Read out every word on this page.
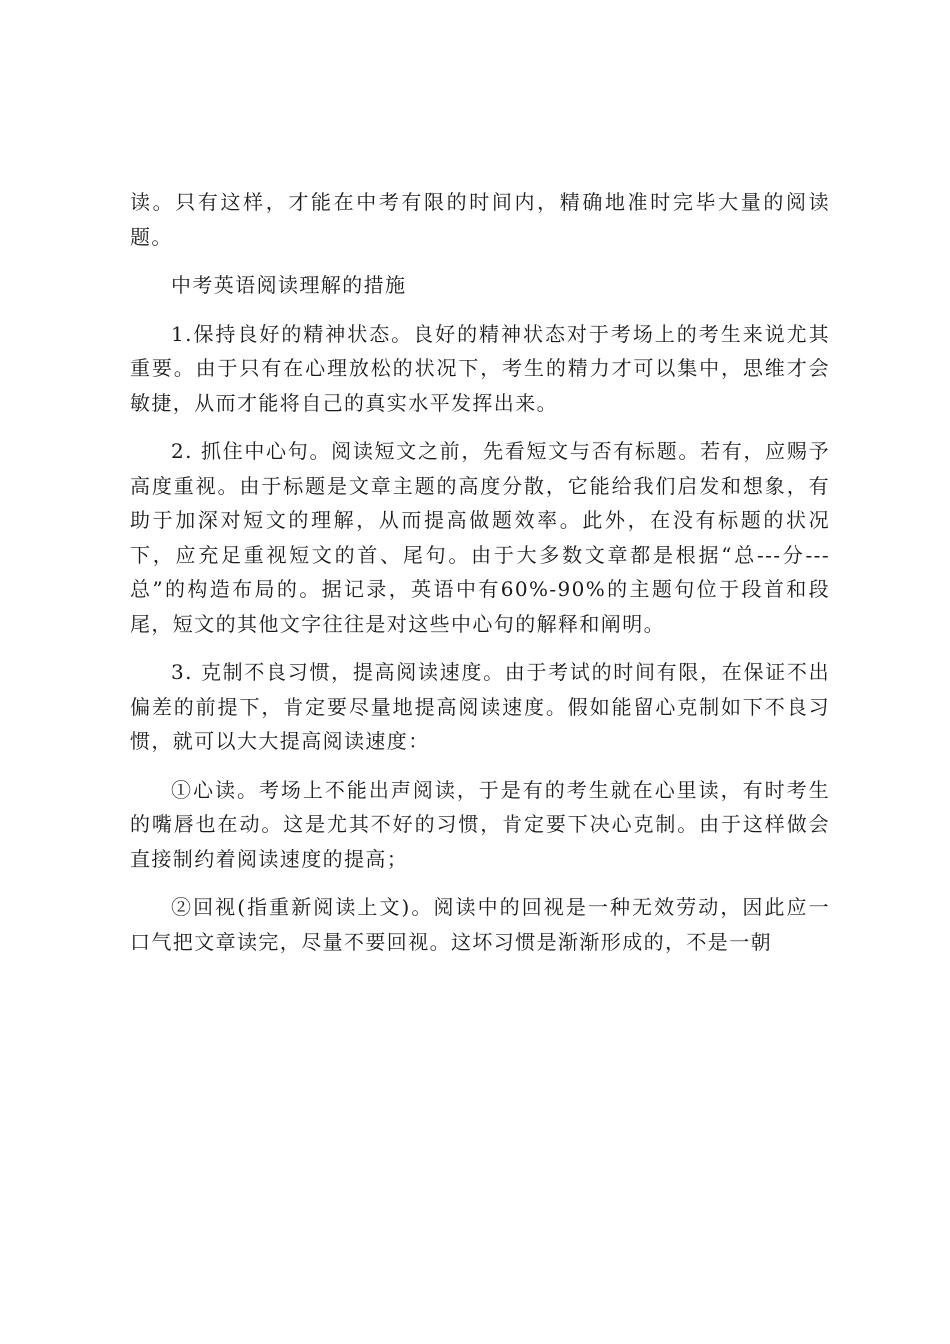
读。只有这样，才能在中考有限的时间内，精确地准时完毕大量的阅读题。

中考英语阅读理解的措施

1.保持良好的精神状态。良好的精神状态对于考场上的考生来说尤其重要。由于只有在心理放松的状况下，考生的精力才可以集中，思维才会敏捷，从而才能将自己的真实水平发挥出来。

2. 抓住中心句。阅读短文之前，先看短文与否有标题。若有，应赐予高度重视。由于标题是文章主题的高度分散，它能给我们启发和想象，有助于加深对短文的理解，从而提高做题效率。此外，在没有标题的状况下，应充足重视短文的首、尾句。由于大多数文章都是根据“总---分---总”的构造布局的。据记录，英语中有60%-90%的主题句位于段首和段尾，短文的其他文字往往是对这些中心句的解释和阐明。

3. 克制不良习惯，提高阅读速度。由于考试的时间有限，在保证不出偏差的前提下，肯定要尽量地提高阅读速度。假如能留心克制如下不良习惯，就可以大大提高阅读速度：

①心读。考场上不能出声阅读，于是有的考生就在心里读，有时考生的嘴唇也在动。这是尤其不好的习惯，肯定要下决心克制。由于这样做会直接制约着阅读速度的提高；

②回视(指重新阅读上文)。阅读中的回视是一种无效劳动，因此应一口气把文章读完，尽量不要回视。这坏习惯是渐渐形成的，不是一朝
